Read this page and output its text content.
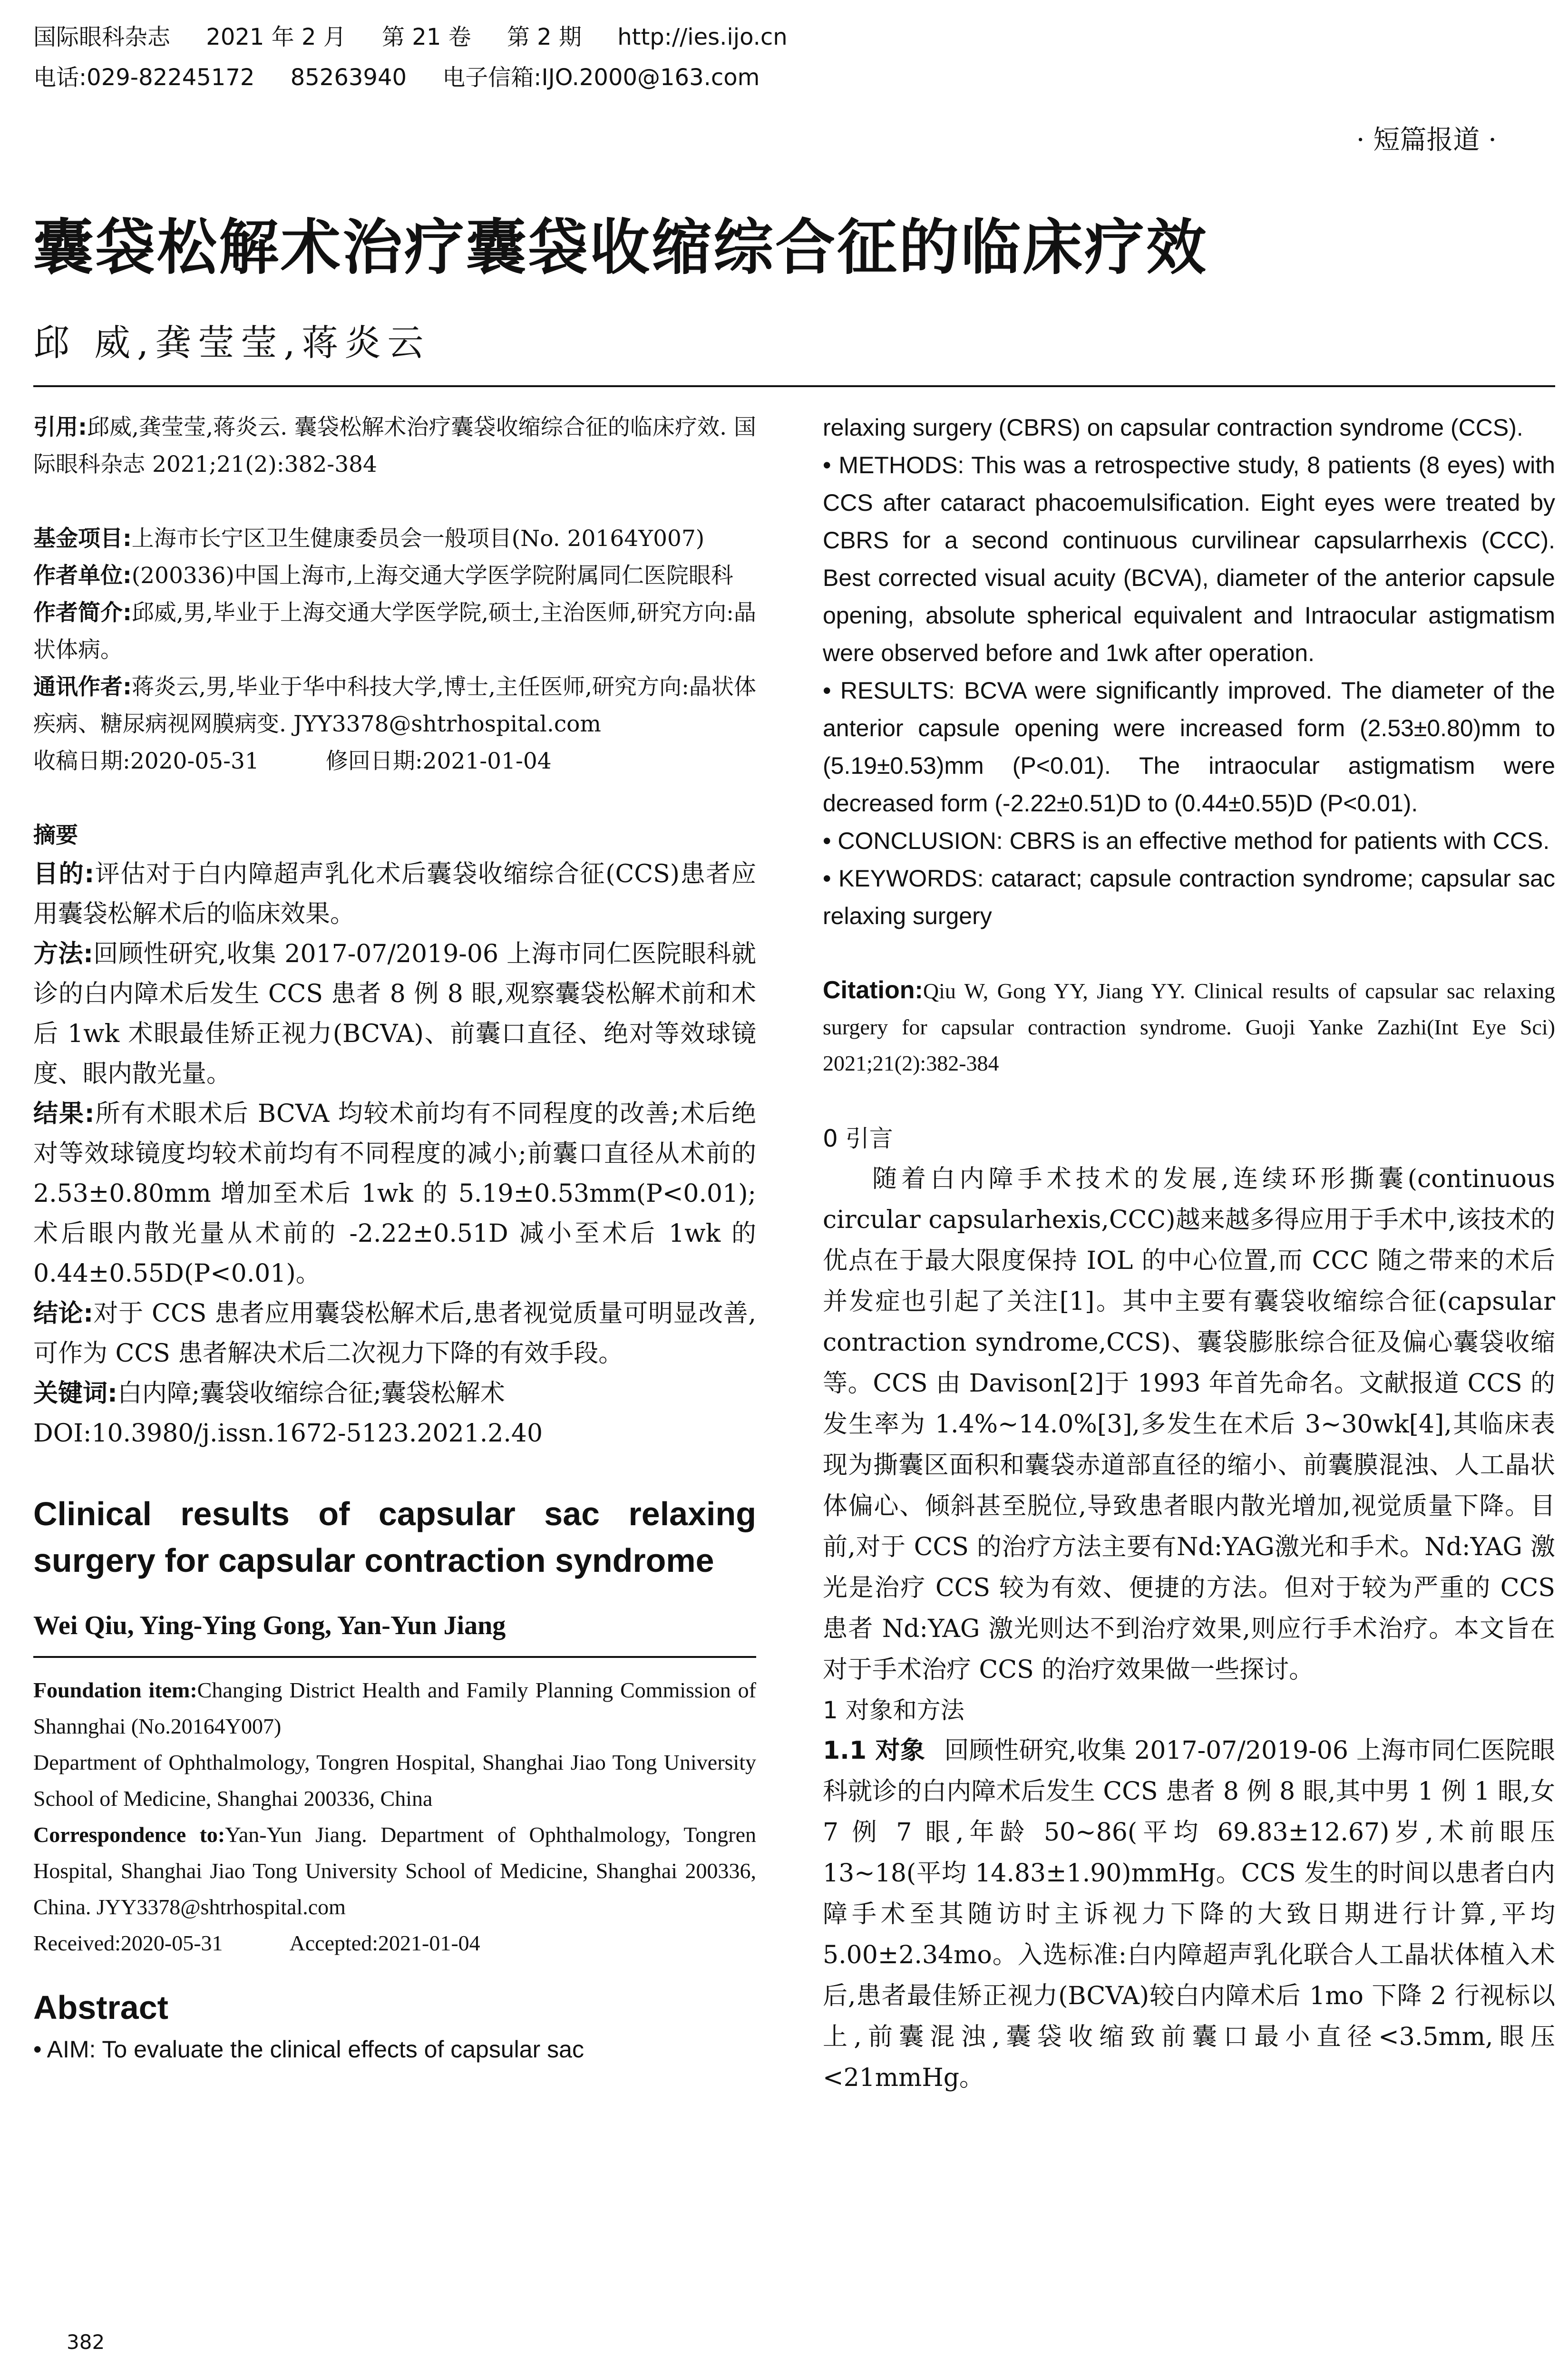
国际眼科杂志 2021 年 2 月 第 21 卷 第 2 期 http://ies.ijo.cn
电话:029-82245172 85263940 电子信箱:IJO.2000@163.com
· 短篇报道 ·
囊袋松解术治疗囊袋收缩综合征的临床疗效
邱 威,龚莹莹,蒋炎云

引用:邱威,龚莹莹,蒋炎云. 囊袋松解术治疗囊袋收缩综合征的临床疗效. 国际眼科杂志 2021;21(2):382-384

基金项目:上海市长宁区卫生健康委员会一般项目(No. 20164Y007)

作者单位:(200336)中国上海市,上海交通大学医学院附属同仁医院眼科

作者简介:邱威,男,毕业于上海交通大学医学院,硕士,主治医师,研究方向:晶状体病。

通讯作者:蒋炎云,男,毕业于华中科技大学,博士,主任医师,研究方向:晶状体疾病、糖尿病视网膜病变. JYY3378@shtrhospital.com

收稿日期:2020-05-31	修回日期:2021-01-04

摘要

目的:评估对于白内障超声乳化术后囊袋收缩综合征(CCS)患者应用囊袋松解术后的临床效果。

方法:回顾性研究,收集 2017-07/2019-06 上海市同仁医院眼科就诊的白内障术后发生 CCS 患者 8 例 8 眼,观察囊袋松解术前和术后 1wk 术眼最佳矫正视力(BCVA)、前囊口直径、绝对等效球镜度、眼内散光量。

结果:所有术眼术后 BCVA 均较术前均有不同程度的改善;术后绝对等效球镜度均较术前均有不同程度的减小;前囊口直径从术前的 2.53±0.80mm 增加至术后 1wk 的 5.19±0.53mm(P<0.01);术后眼内散光量从术前的 -2.22±0.51D 减小至术后 1wk 的 0.44±0.55D(P<0.01)。

结论:对于 CCS 患者应用囊袋松解术后,患者视觉质量可明显改善,可作为 CCS 患者解决术后二次视力下降的有效手段。

关键词:白内障;囊袋收缩综合征;囊袋松解术

DOI:10.3980/j.issn.1672-5123.2021.2.40

Clinical results of capsular sac relaxing surgery for capsular contraction syndrome

Wei Qiu, Ying-Ying Gong, Yan-Yun Jiang

Foundation item:Changing District Health and Family Planning Commission of Shannghai (No.20164Y007)

Department of Ophthalmology, Tongren Hospital, Shanghai Jiao Tong University School of Medicine, Shanghai 200336, China

Correspondence to:Yan-Yun Jiang. Department of Ophthalmology, Tongren Hospital, Shanghai Jiao Tong University School of Medicine, Shanghai 200336, China. JYY3378@shtrhospital.com

Received:2020-05-31	Accepted:2021-01-04

Abstract

• AIM: To evaluate the clinical effects of capsular sac

relaxing surgery (CBRS) on capsular contraction syndrome (CCS).

• METHODS: This was a retrospective study, 8 patients (8 eyes) with CCS after cataract phacoemulsification. Eight eyes were treated by CBRS for a second continuous curvilinear capsularrhexis (CCC). Best corrected visual acuity (BCVA), diameter of the anterior capsule opening, absolute spherical equivalent and Intraocular astigmatism were observed before and 1wk after operation.

• RESULTS: BCVA were significantly improved. The diameter of the anterior capsule opening were increased form (2.53±0.80)mm to (5.19±0.53)mm (P<0.01). The intraocular astigmatism were decreased form (-2.22±0.51)D to (0.44±0.55)D (P<0.01).

• CONCLUSION: CBRS is an effective method for patients with CCS.

• KEYWORDS: cataract; capsule contraction syndrome; capsular sac relaxing surgery

Citation:Qiu W, Gong YY, Jiang YY. Clinical results of capsular sac relaxing surgery for capsular contraction syndrome. Guoji Yanke Zazhi(Int Eye Sci) 2021;21(2):382-384

0 引言

随着白内障手术技术的发展,连续环形撕囊(continuous circular capsularhexis,CCC)越来越多得应用于手术中,该技术的优点在于最大限度保持 IOL 的中心位置,而 CCC 随之带来的术后并发症也引起了关注[1]。其中主要有囊袋收缩综合征(capsular contraction syndrome,CCS)、囊袋膨胀综合征及偏心囊袋收缩等。CCS 由 Davison[2]于 1993 年首先命名。文献报道 CCS 的发生率为 1.4%~14.0%[3],多发生在术后 3~30wk[4],其临床表现为撕囊区面积和囊袋赤道部直径的缩小、前囊膜混浊、人工晶状体偏心、倾斜甚至脱位,导致患者眼内散光增加,视觉质量下降。目前,对于 CCS 的治疗方法主要有Nd:YAG激光和手术。Nd:YAG 激光是治疗 CCS 较为有效、便捷的方法。但对于较为严重的 CCS 患者 Nd:YAG 激光则达不到治疗效果,则应行手术治疗。本文旨在对于手术治疗 CCS 的治疗效果做一些探讨。

1 对象和方法

1.1 对象 回顾性研究,收集 2017-07/2019-06 上海市同仁医院眼科就诊的白内障术后发生 CCS 患者 8 例 8 眼,其中男 1 例 1 眼,女 7 例 7 眼,年龄 50~86(平均 69.83±12.67)岁,术前眼压 13~18(平均 14.83±1.90)mmHg。CCS 发生的时间以患者白内障手术至其随访时主诉视力下降的大致日期进行计算,平均 5.00±2.34mo。入选标准:白内障超声乳化联合人工晶状体植入术后,患者最佳矫正视力(BCVA)较白内障术后 1mo 下降 2 行视标以上,前囊混浊,囊袋收缩致前囊口最小直径<3.5mm,眼压<21mmHg。

382
